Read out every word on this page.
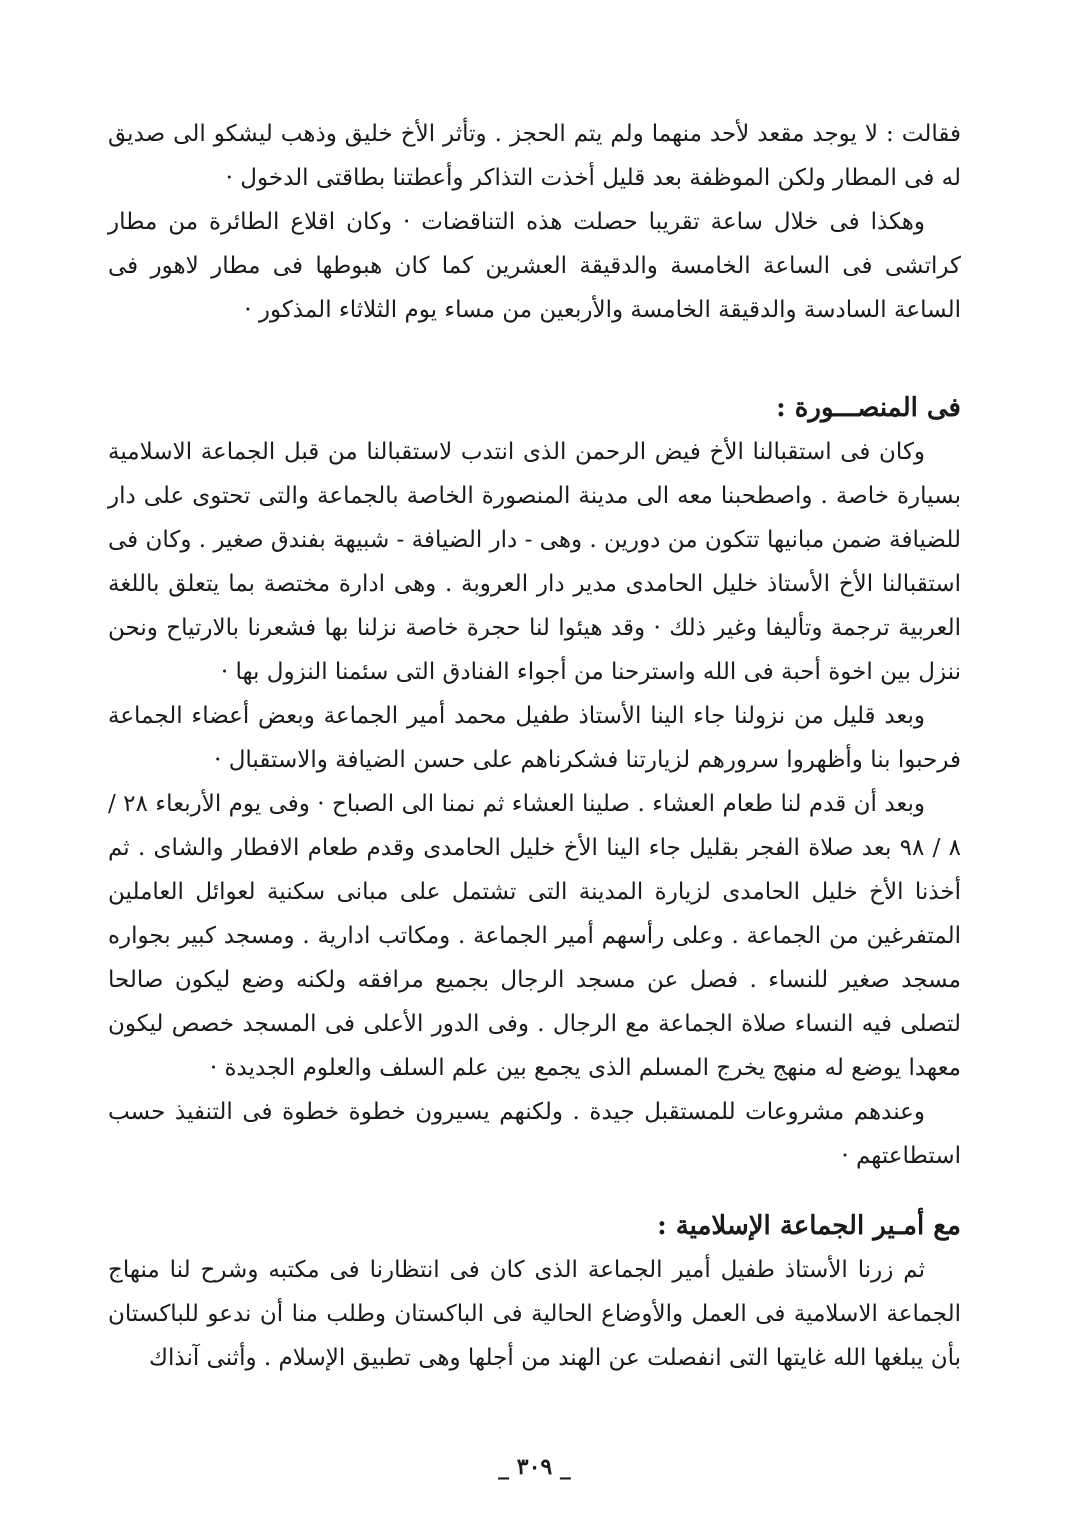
فقالت : لا يوجد مقعد لأحد منهما ولم يتم الحجز . وتأثر الأخ خليق وذهب ليشكو الى صديق له فى المطار ولكن الموظفة بعد قليل أخذت التذاكر وأعطتنا بطاقتى الدخول ·

وهكذا فى خلال ساعة تقريبا حصلت هذه التناقضات · وكان اقلاع الطائرة من مطار كراتشى فى الساعة الخامسة والدقيقة العشرين كما كان هبوطها فى مطار لاهور فى الساعة السادسة والدقيقة الخامسة والأربعين من مساء يوم الثلاثاء المذكور ·

فى المنصـــورة :

وكان فى استقبالنا الأخ فيض الرحمن الذى انتدب لاستقبالنا من قبل الجماعة الاسلامية بسيارة خاصة . واصطحبنا معه الى مدينة المنصورة الخاصة بالجماعة والتى تحتوى على دار للضيافة ضمن مبانيها تتكون من دورين . وهى - دار الضيافة - شبيهة بفندق صغير . وكان فى استقبالنا الأخ الأستاذ خليل الحامدى مدير دار العروبة . وهى ادارة مختصة بما يتعلق باللغة العربية ترجمة وتأليفا وغير ذلك · وقد هيئوا لنا حجرة خاصة نزلنا بها فشعرنا بالارتياح ونحن ننزل بين اخوة أحبة فى الله واسترحنا من أجواء الفنادق التى سئمنا النزول بها ·

وبعد قليل من نزولنا جاء الينا الأستاذ طفيل محمد أمير الجماعة وبعض أعضاء الجماعة فرحبوا بنا وأظهروا سرورهم لزيارتنا فشكرناهم على حسن الضيافة والاستقبال ·

وبعد أن قدم لنا طعام العشاء . صلينا العشاء ثم نمنا الى الصباح · وفى يوم الأربعاء ٢٨ / ٨ / ٩٨ بعد صلاة الفجر بقليل جاء الينا الأخ خليل الحامدى وقدم طعام الافطار والشاى . ثم أخذنا الأخ خليل الحامدى لزيارة المدينة التى تشتمل على مبانى سكنية لعوائل العاملين المتفرغين من الجماعة . وعلى رأسهم أمير الجماعة . ومكاتب ادارية . ومسجد كبير بجواره مسجد صغير للنساء . فصل عن مسجد الرجال بجميع مرافقه ولكنه وضع ليكون صالحا لتصلى فيه النساء صلاة الجماعة مع الرجال . وفى الدور الأعلى فى المسجد خصص ليكون معهدا يوضع له منهج يخرج المسلم الذى يجمع بين علم السلف والعلوم الجديدة ·

وعندهم مشروعات للمستقبل جيدة . ولكنهم يسيرون خطوة خطوة فى التنفيذ حسب استطاعتهم ·

مع أمـير الجماعة الإسلامية :

ثم زرنا الأستاذ طفيل أمير الجماعة الذى كان فى انتظارنا فى مكتبه وشرح لنا منهاج الجماعة الاسلامية فى العمل والأوضاع الحالية فى الباكستان وطلب منا أن ندعو للباكستان بأن يبلغها الله غايتها التى انفصلت عن الهند من أجلها وهى تطبيق الإسلام . وأثنى آنذاك

_ ٣٠٩ _
